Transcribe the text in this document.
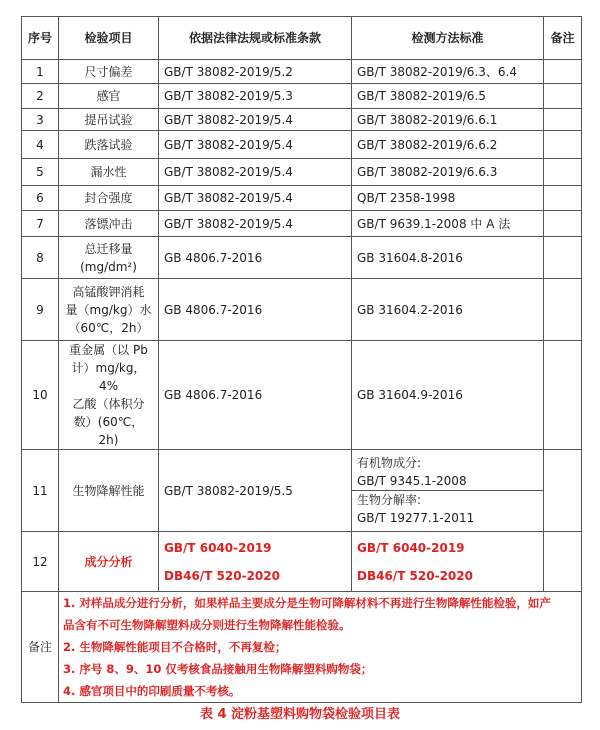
序号	检验项目	依据法律法规或标准条款	检测方法标准	备注
1	尺寸偏差	GB/T 38082-2019/5.2	GB/T 38082-2019/6.3、6.4	
2	感官	GB/T 38082-2019/5.3	GB/T 38082-2019/6.5	
3	提吊试验	GB/T 38082-2019/5.4	GB/T 38082-2019/6.6.1	
4	跌落试验	GB/T 38082-2019/5.4	GB/T 38082-2019/6.6.2	
5	漏水性	GB/T 38082-2019/5.4	GB/T 38082-2019/6.6.3	
6	封合强度	GB/T 38082-2019/5.4	QB/T 2358-1998	
7	落镖冲击	GB/T 38082-2019/5.4	GB/T 9639.1-2008 中 A 法	
8	总迁移量
(mg/dm²)	GB 4806.7-2016	GB 31604.8-2016	
9	高锰酸钾消耗
量（mg/kg）水
（60℃，2h）	GB 4806.7-2016	GB 31604.2-2016	
10	重金属（以 Pb
计）mg/kg，4%
乙酸（体积分
数）(60℃，2h)	GB 4806.7-2016	GB 31604.9-2016	
11	生物降解性能	GB/T 38082-2019/5.5	有机物成分:
GB/T 9345.1-2008
生物分解率:
GB/T 19277.1-2011	

12	成分分析	GB/T 6040-2019
DB46/T 520-2020	GB/T 6040-2019
DB46/T 520-2020	

备注	1. 对样品成分进行分析，如果样品主要成分是生物可降解材料不再进行生物降解性能检验，如产
品含有不可生物降解塑料成分则进行生物降解性能检验。
2. 生物降解性能项目不合格时，不再复检；
3. 序号 8、9、10 仅考核食品接触用生物降解塑料购物袋；
4. 感官项目中的印刷质量不考核。			
表 4 淀粉基塑料购物袋检验项目表
